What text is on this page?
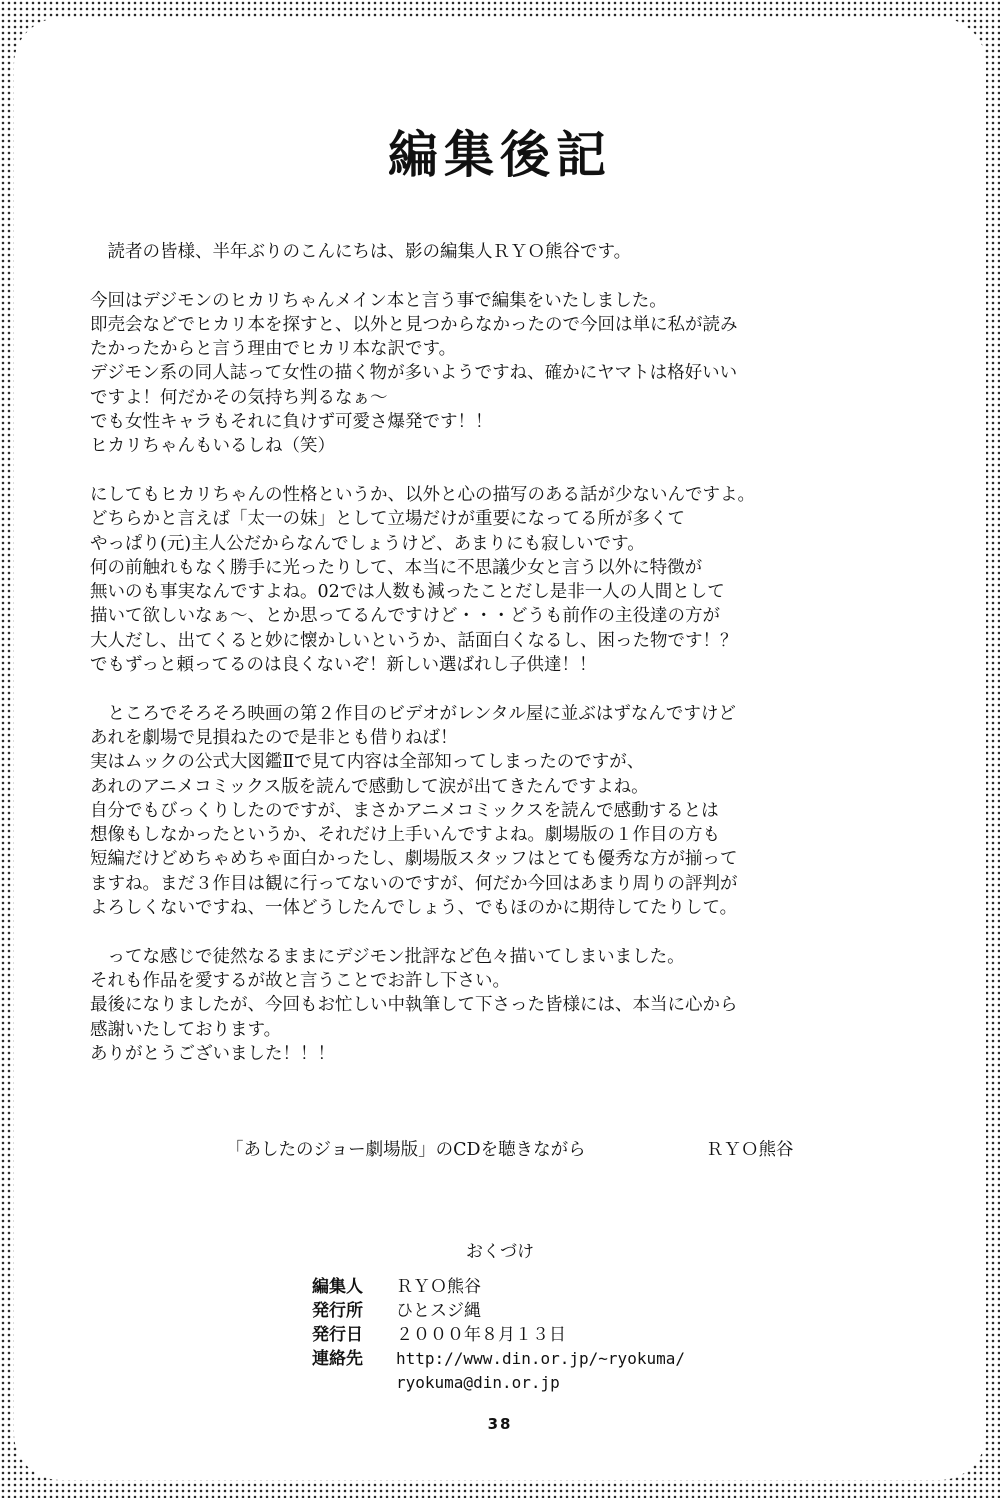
編集後記

　読者の皆様、半年ぶりのこんにちは、影の編集人ＲＹＯ熊谷です。

今回はデジモンのヒカリちゃんメイン本と言う事で編集をいたしました。
即売会などでヒカリ本を探すと、以外と見つからなかったので今回は単に私が読み
たかったからと言う理由でヒカリ本な訳です。
デジモン系の同人誌って女性の描く物が多いようですね、確かにヤマトは格好いい
ですよ！何だかその気持ち判るなぁ～
でも女性キャラもそれに負けず可愛さ爆発です！！
ヒカリちゃんもいるしね（笑）

にしてもヒカリちゃんの性格というか、以外と心の描写のある話が少ないんですよ。
どちらかと言えば「太一の妹」として立場だけが重要になってる所が多くて
やっぱり(元)主人公だからなんでしょうけど、あまりにも寂しいです。
何の前触れもなく勝手に光ったりして、本当に不思議少女と言う以外に特徴が
無いのも事実なんですよね。02では人数も減ったことだし是非一人の人間として
描いて欲しいなぁ～、とか思ってるんですけど・・・どうも前作の主役達の方が
大人だし、出てくると妙に懐かしいというか、話面白くなるし、困った物です！？
でもずっと頼ってるのは良くないぞ！新しい選ばれし子供達！！

　ところでそろそろ映画の第２作目のビデオがレンタル屋に並ぶはずなんですけど
あれを劇場で見損ねたので是非とも借りねば！
実はムックの公式大図鑑Ⅱで見て内容は全部知ってしまったのですが、
あれのアニメコミックス版を読んで感動して涙が出てきたんですよね。
自分でもびっくりしたのですが、まさかアニメコミックスを読んで感動するとは
想像もしなかったというか、それだけ上手いんですよね。劇場版の１作目の方も
短編だけどめちゃめちゃ面白かったし、劇場版スタッフはとても優秀な方が揃って
ますね。まだ３作目は観に行ってないのですが、何だか今回はあまり周りの評判が
よろしくないですね、一体どうしたんでしょう、でもほのかに期待してたりして。

　ってな感じで徒然なるままにデジモン批評など色々描いてしまいました。
それも作品を愛するが故と言うことでお許し下さい。
最後になりましたが、今回もお忙しい中執筆して下さった皆様には、本当に心から
感謝いたしております。
ありがとうございました！！！

「あしたのジョー劇場版」のCDを聴きながら	ＲＹＯ熊谷
おくづけ
編集人	ＲＹＯ熊谷
発行所	ひとスジ縄
発行日	２０００年８月１３日
連絡先	http://www.din.or.jp/~ryokuma/
ryokuma@din.or.jp
38
